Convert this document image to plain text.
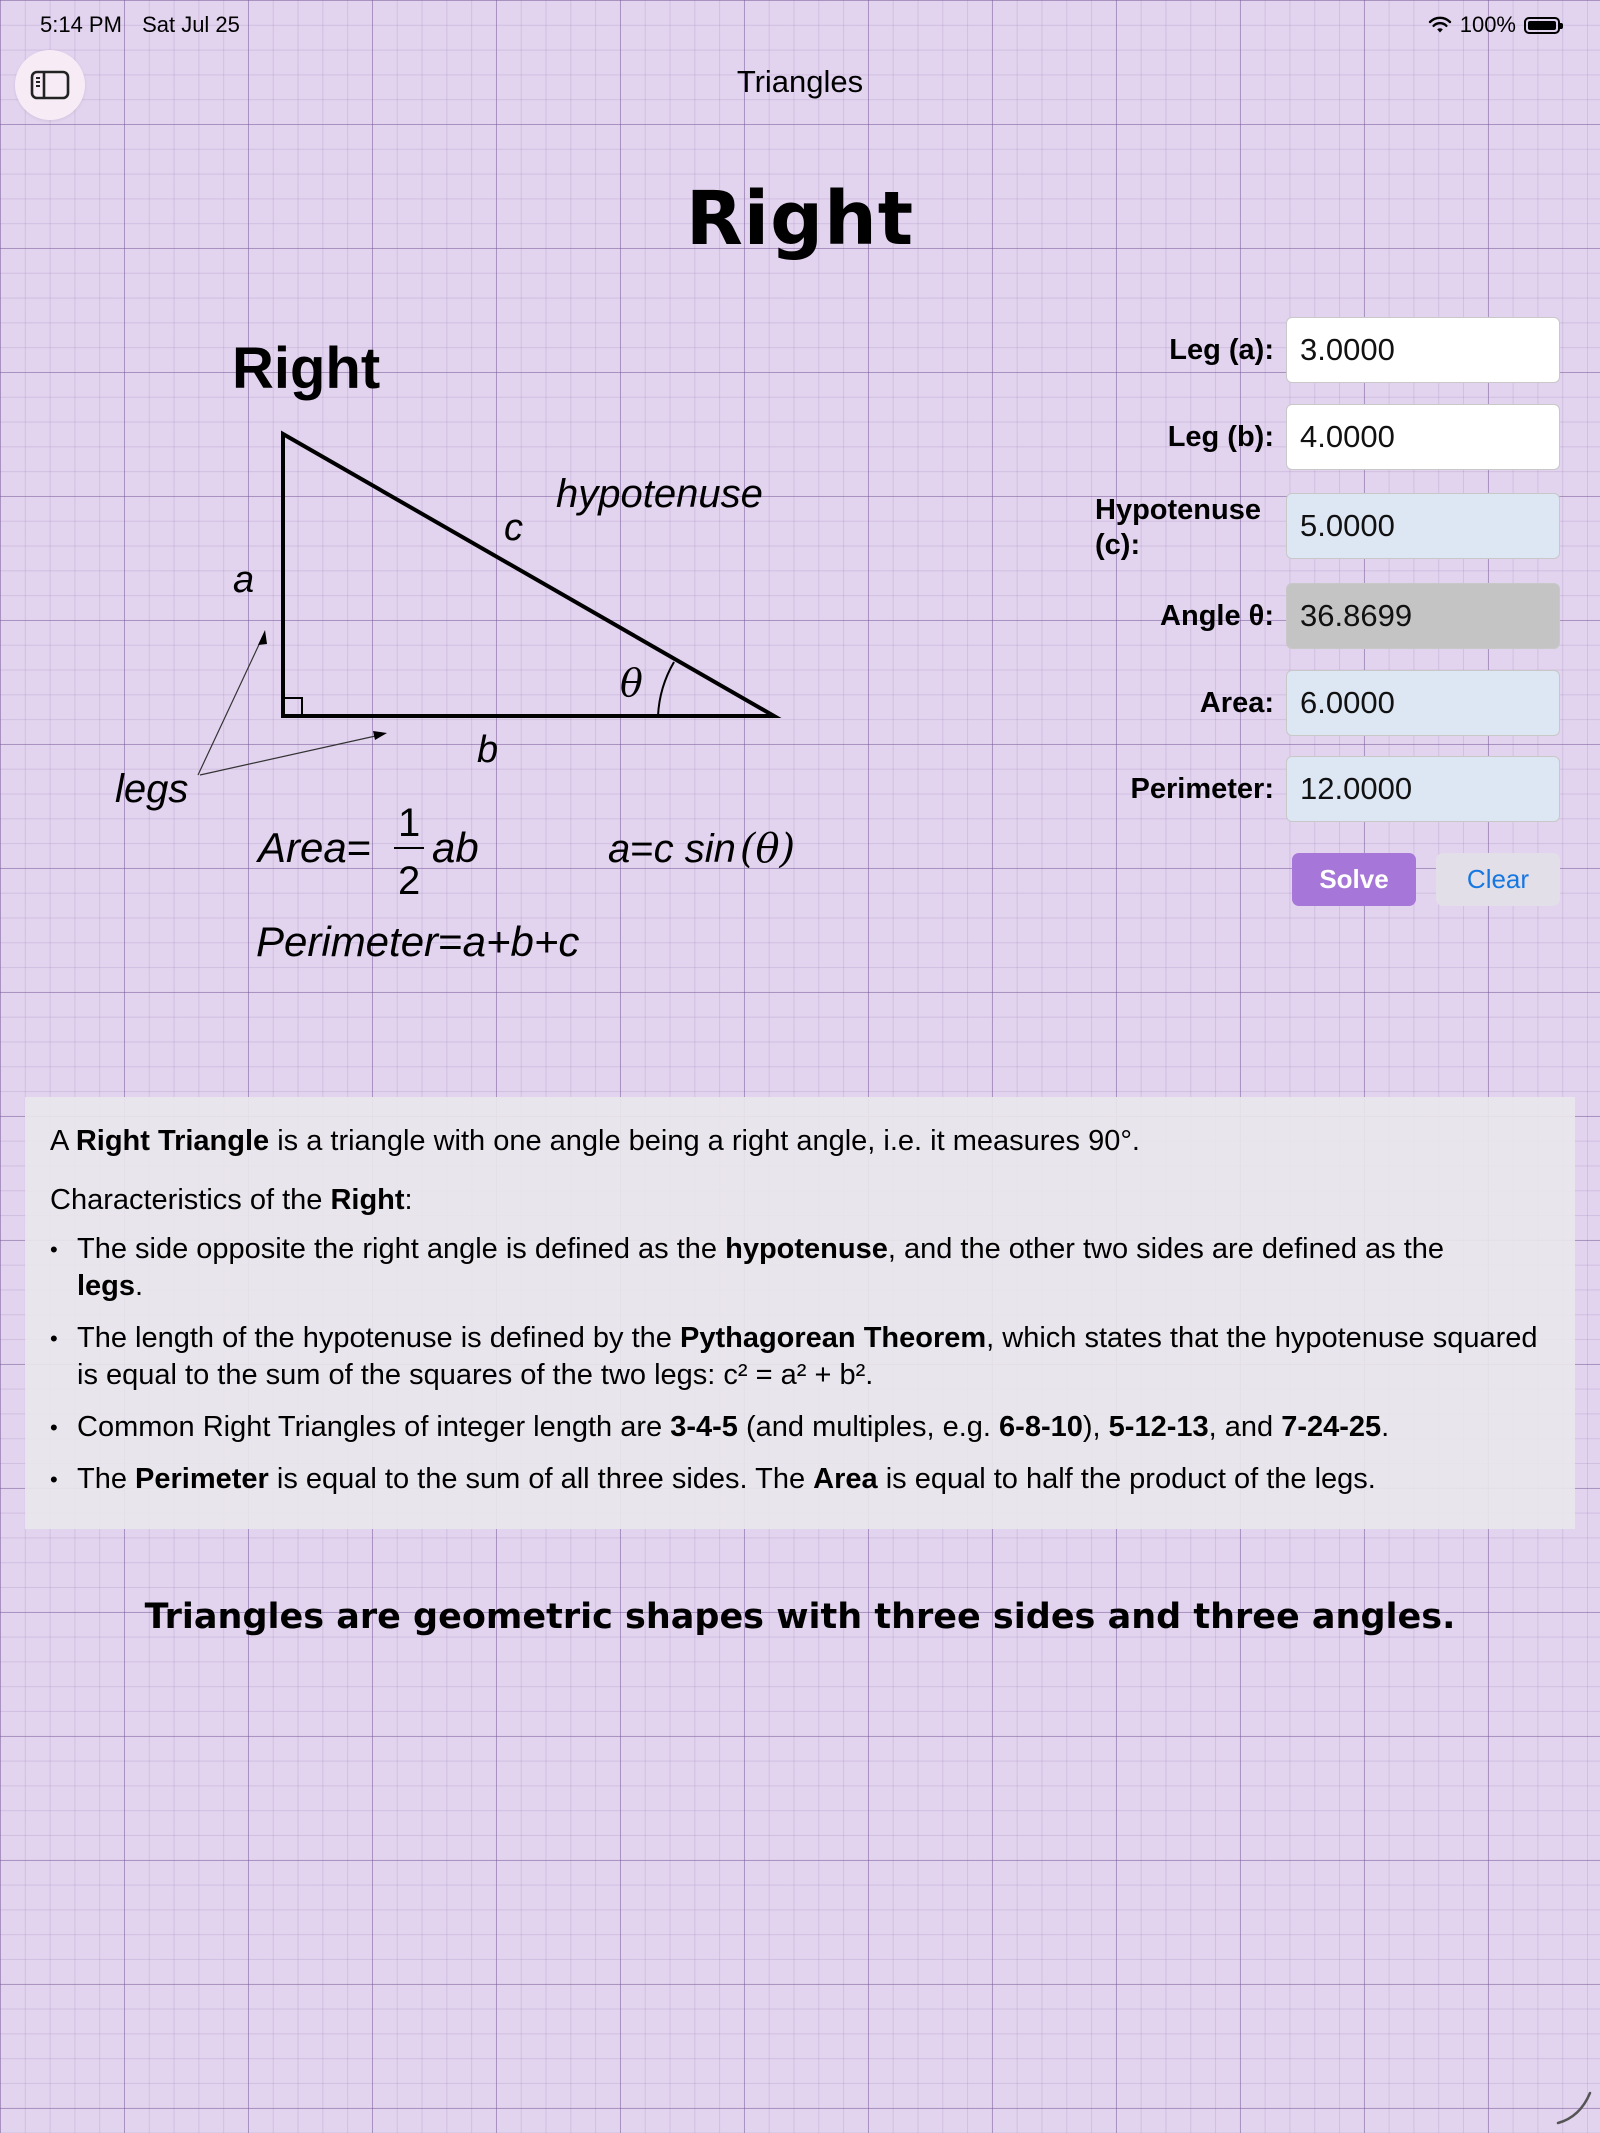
5:14 PM Sat Jul 25	100%
Triangles
Right
Right
hypotenuse
c
a
b
θ
legs
Area=
1
2
ab	a=c sin (θ)
Perimeter=a+b+c
Leg (a): 3.0000
Leg (b): 4.0000
Hypotenuse
(c):
5.0000
Angle θ: 36.8699
Area: 6.0000
Perimeter: 12.0000
Solve	Clear

A Right Triangle is a triangle with one angle being a right angle, i.e. it measures 90°.

Characteristics of the Right:

• The side opposite the right angle is defined as the hypotenuse, and the other two sides are defined as the legs.
• The length of the hypotenuse is defined by the Pythagorean Theorem, which states that the hypotenuse squared is equal to the sum of the squares of the two legs: c² = a² + b².
• Common Right Triangles of integer length are 3-4-5 (and multiples, e.g. 6-8-10), 5-12-13, and 7-24-25.
• The Perimeter is equal to the sum of all three sides. The Area is equal to half the product of the legs.
Triangles are geometric shapes with three sides and three angles.
